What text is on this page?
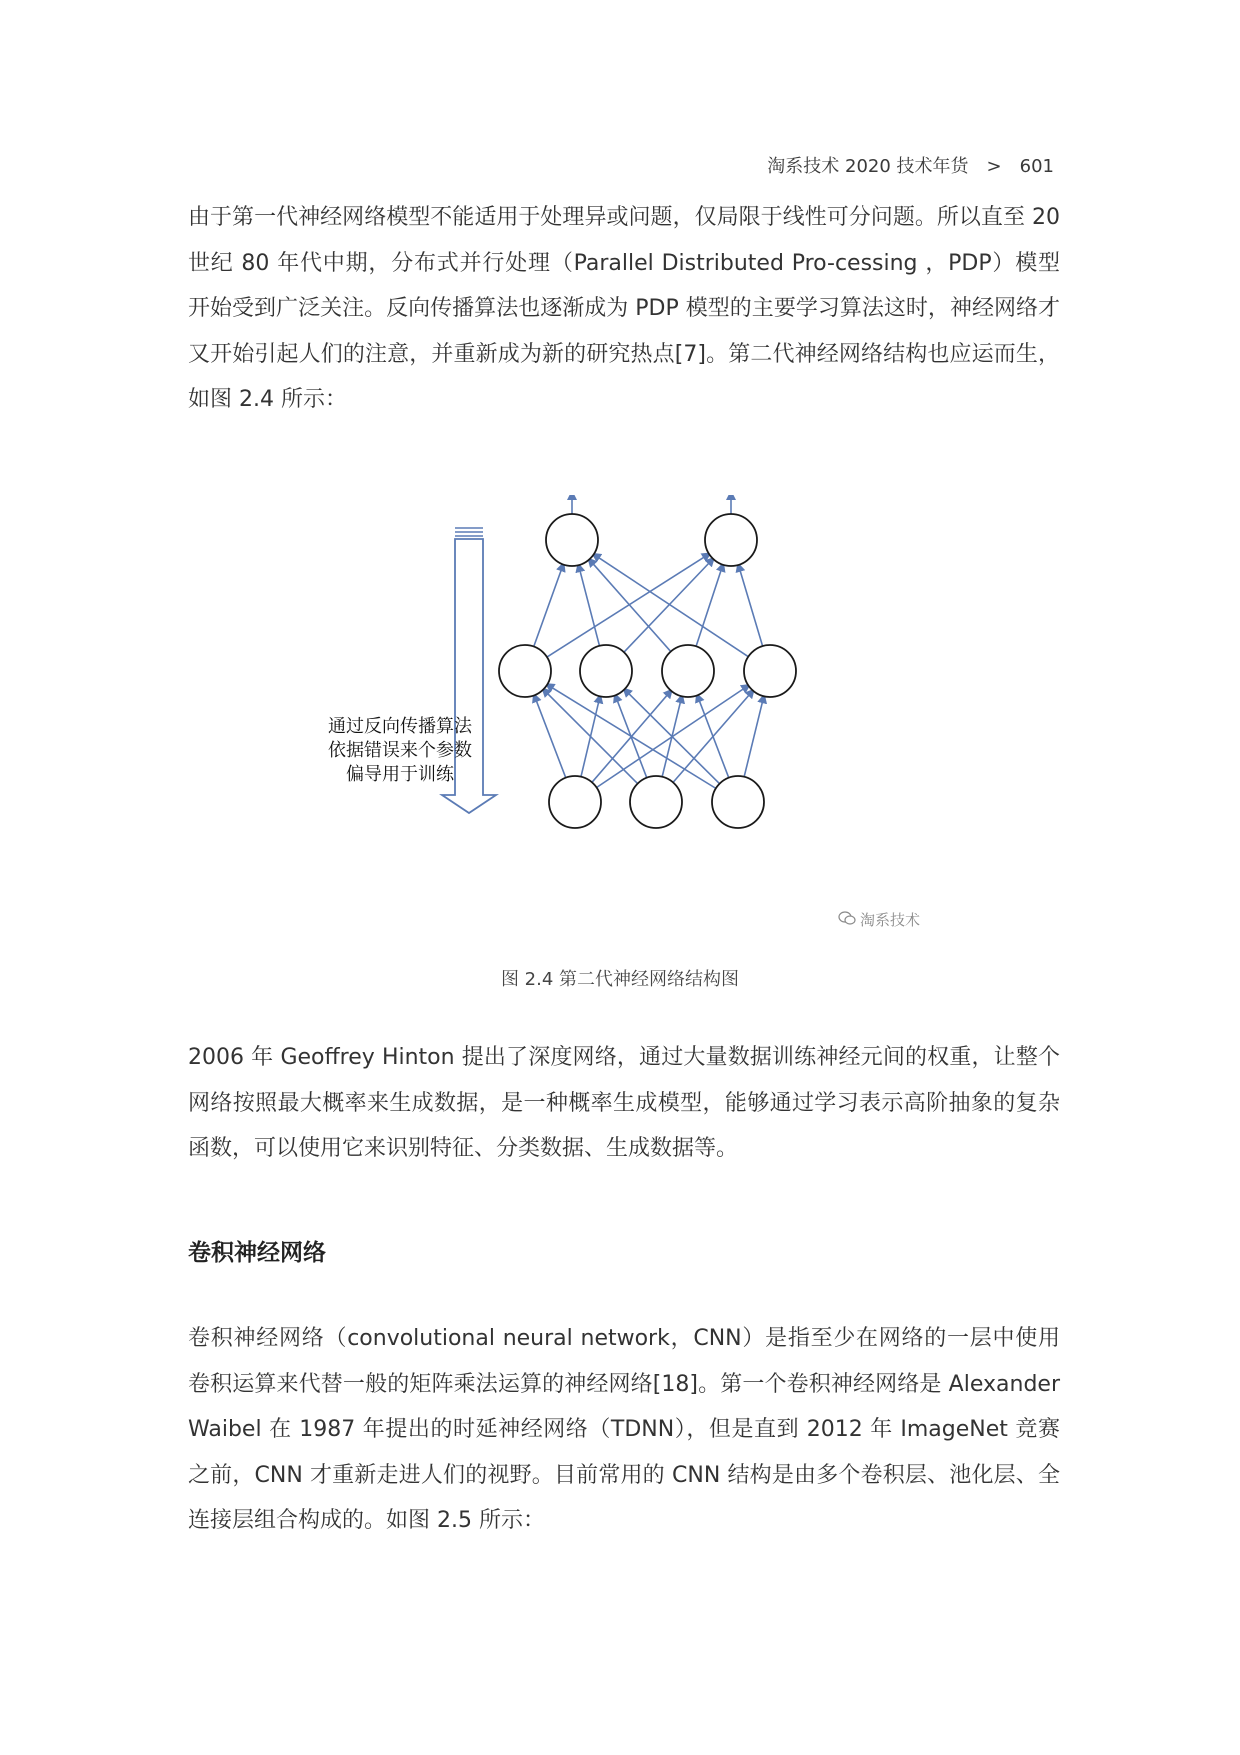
淘系技术 2020 技术年货 > 601

由于第一代神经网络模型不能适用于处理异或问题，仅局限于线性可分问题。所以直至 20 世纪 80 年代中期，分布式并行处理（Parallel Distributed Pro-cessing ，PDP）模型开始受到广泛关注。反向传播算法也逐渐成为 PDP 模型的主要学习算法这时，神经网络才又开始引起人们的注意，并重新成为新的研究热点[7]。第二代神经网络结构也应运而生，如图 2.4 所示：

通过反向传播算法
依据错误来个参数
偏导用于训练
淘系技术
图 2.4 第二代神经网络结构图

2006 年 Geoffrey Hinton 提出了深度网络，通过大量数据训练神经元间的权重，让整个网络按照最大概率来生成数据，是一种概率生成模型，能够通过学习表示高阶抽象的复杂函数，可以使用它来识别特征、分类数据、生成数据等。

卷积神经网络

卷积神经网络（convolutional neural network，CNN）是指至少在网络的一层中使用卷积运算来代替一般的矩阵乘法运算的神经网络[18]。第一个卷积神经网络是 Alexander Waibel 在 1987 年提出的时延神经网络（TDNN），但是直到 2012 年 ImageNet 竞赛之前，CNN 才重新走进人们的视野。目前常用的 CNN 结构是由多个卷积层、池化层、全连接层组合构成的。如图 2.5 所示：
